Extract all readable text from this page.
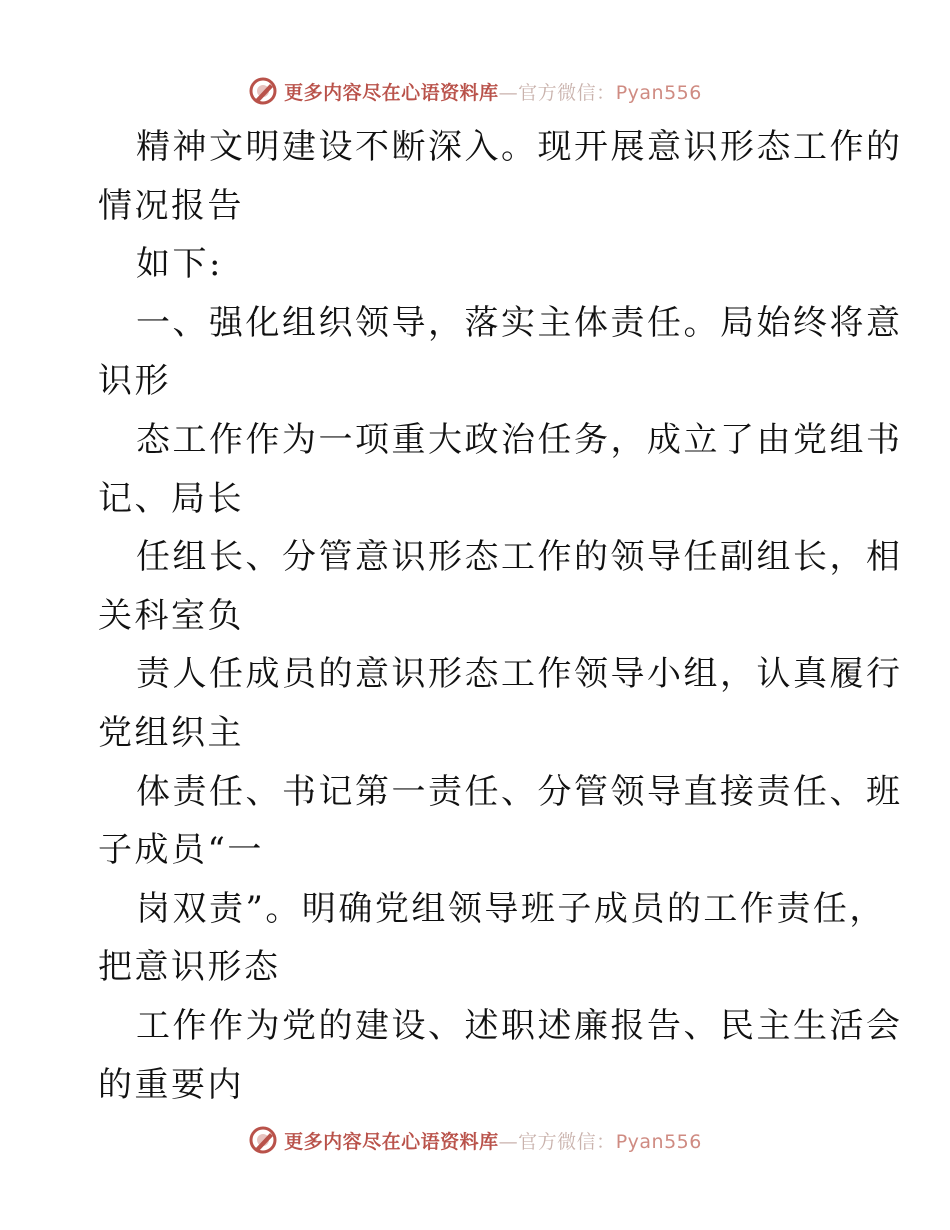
更多内容尽在心语资料库—官方微信：Pyan556
精神文明建设不断深入。现开展意识形态工作的
情况报告
如下:
一、强化组织领导，落实主体责任。局始终将意
识形
态工作作为一项重大政治任务，成立了由党组书
记、局长
任组长、分管意识形态工作的领导任副组长，相
关科室负
责人任成员的意识形态工作领导小组，认真履行
党组织主
体责任、书记第一责任、分管领导直接责任、班
子成员“一
岗双责”。明确党组领导班子成员的工作责任，
把意识形态
工作作为党的建设、述职述廉报告、民主生活会
的重要内
更多内容尽在心语资料库—官方微信：Pyan556
